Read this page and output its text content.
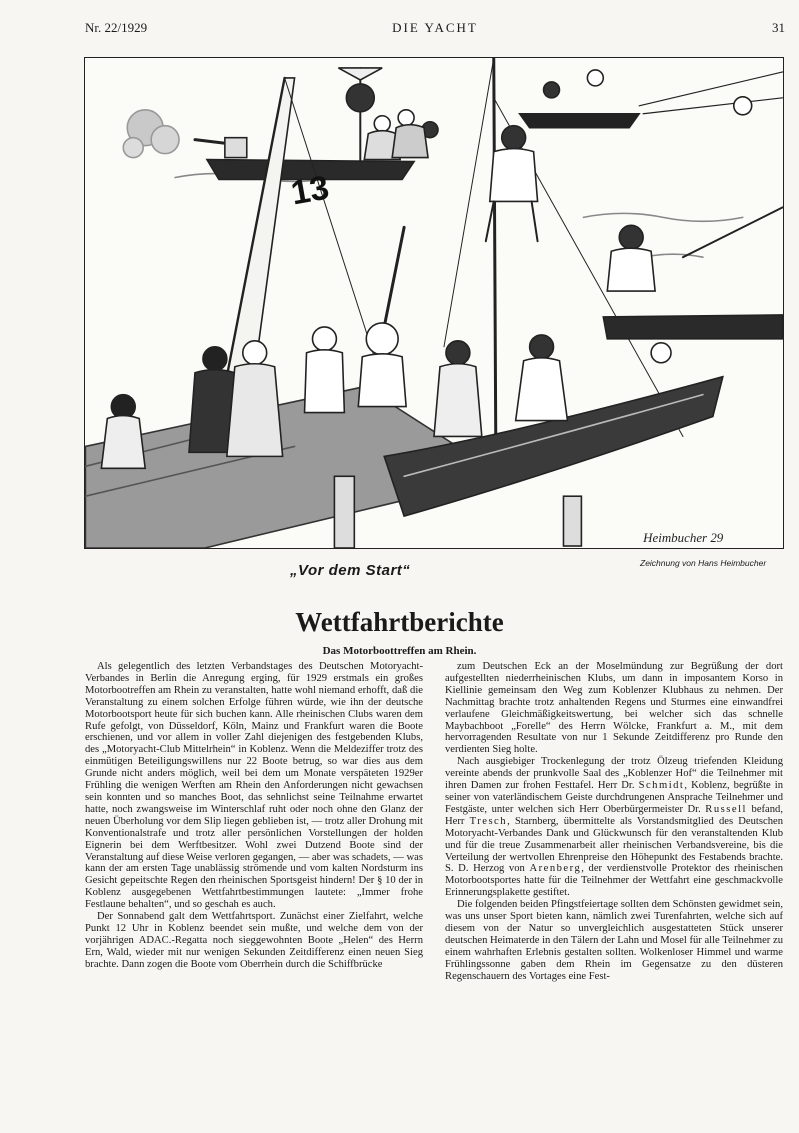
Nr. 22/1929	DIE YACHT	31
13
Heimbucher 29
Zeichnung von Hans Heimbucher
„Vor dem Start“
Wettfahrtberichte
Das Motorboottreffen am Rhein.

Als gelegentlich des letzten Verbandstages des Deutschen Motoryacht-Verbandes in Berlin die Anregung erging, für 1929 erstmals ein großes Motorbootreffen am Rhein zu veranstalten, hatte wohl niemand erhofft, daß die Veranstaltung zu einem solchen Erfolge führen würde, wie ihn der deutsche Motorbootsport heute für sich buchen kann. Alle rheinischen Clubs waren dem Rufe gefolgt, von Düsseldorf, Köln, Mainz und Frankfurt waren die Boote erschienen, und vor allem in voller Zahl diejenigen des festgebenden Klubs, des „Motoryacht-Club Mittelrhein“ in Koblenz. Wenn die Meldeziffer trotz des einmütigen Beteiligungswillens nur 22 Boote betrug, so war dies aus dem Grunde nicht anders möglich, weil bei dem um Monate verspäteten 1929er Frühling die wenigen Werften am Rhein den Anforderungen nicht gewachsen sein konnten und so manches Boot, das sehnlichst seine Teilnahme erwartet hatte, noch zwangsweise im Winterschlaf ruht oder noch ohne den Glanz der neuen Überholung vor dem Slip liegen geblieben ist, — trotz aller Drohung mit Konventionalstrafe und trotz aller persönlichen Vorstellungen der holden Eignerin bei dem Werftbesitzer. Wohl zwei Dutzend Boote sind der Veranstaltung auf diese Weise verloren gegangen, — aber was schadets, — was kann der am ersten Tage unablässig strömende und vom kalten Nordsturm ins Gesicht gepeitschte Regen den rheinischen Sportsgeist hindern! Der § 10 der in Koblenz ausgegebenen Wettfahrtbestimmungen lautete: „Immer frohe Festlaune behalten“, und so geschah es auch.

Der Sonnabend galt dem Wettfahrtsport. Zunächst einer Zielfahrt, welche Punkt 12 Uhr in Koblenz beendet sein mußte, und welche dem von der vorjährigen ADAC.-Regatta noch sieggewohnten Boote „Helen“ des Herrn Ern, Wald, wieder mit nur wenigen Sekunden Zeitdifferenz einen neuen Sieg brachte. Dann zogen die Boote vom Oberrhein durch die Schiffbrücke

zum Deutschen Eck an der Moselmündung zur Begrüßung der dort aufgestellten niederrheinischen Klubs, um dann in imposantem Korso in Kiellinie gemeinsam den Weg zum Koblenzer Klubhaus zu nehmen. Der Nachmittag brachte trotz anhaltenden Regens und Sturmes eine einwandfrei verlaufene Gleichmäßigkeitswertung, bei welcher sich das schnelle Maybachboot „Forelle“ des Herrn Wölcke, Frankfurt a. M., mit dem hervorragenden Resultate von nur 1 Sekunde Zeitdifferenz pro Runde den verdienten Sieg holte.

Nach ausgiebiger Trockenlegung der trotz Ölzeug triefenden Kleidung vereinte abends der prunkvolle Saal des „Koblenzer Hof“ die Teilnehmer mit ihren Damen zur frohen Festtafel. Herr Dr. Schmidt, Koblenz, begrüßte in seiner von vaterländischem Geiste durchdrungenen Ansprache Teilnehmer und Festgäste, unter welchen sich Herr Oberbürgermeister Dr. Russell befand, Herr Tresch, Starnberg, übermittelte als Vorstandsmitglied des Deutschen Motoryacht-Verbandes Dank und Glückwunsch für den veranstaltenden Klub und für die treue Zusammenarbeit aller rheinischen Verbandsvereine, bis die Verteilung der wertvollen Ehrenpreise den Höhepunkt des Festabends brachte. S. D. Herzog von Arenberg, der verdienstvolle Protektor des rheinischen Motorbootsportes hatte für die Teilnehmer der Wettfahrt eine geschmackvolle Erinnerungsplakette gestiftet.

Die folgenden beiden Pfingstfeiertage sollten dem Schönsten gewidmet sein, was uns unser Sport bieten kann, nämlich zwei Turenfahrten, welche sich auf diesem von der Natur so unvergleichlich ausgestatteten Stück unserer deutschen Heimaterde in den Tälern der Lahn und Mosel für alle Teilnehmer zu einem wahrhaften Erlebnis gestalten sollten. Wolkenloser Himmel und warme Frühlingssonne gaben dem Rhein im Gegensatze zu den düsteren Regenschauern des Vortages eine Fest-
